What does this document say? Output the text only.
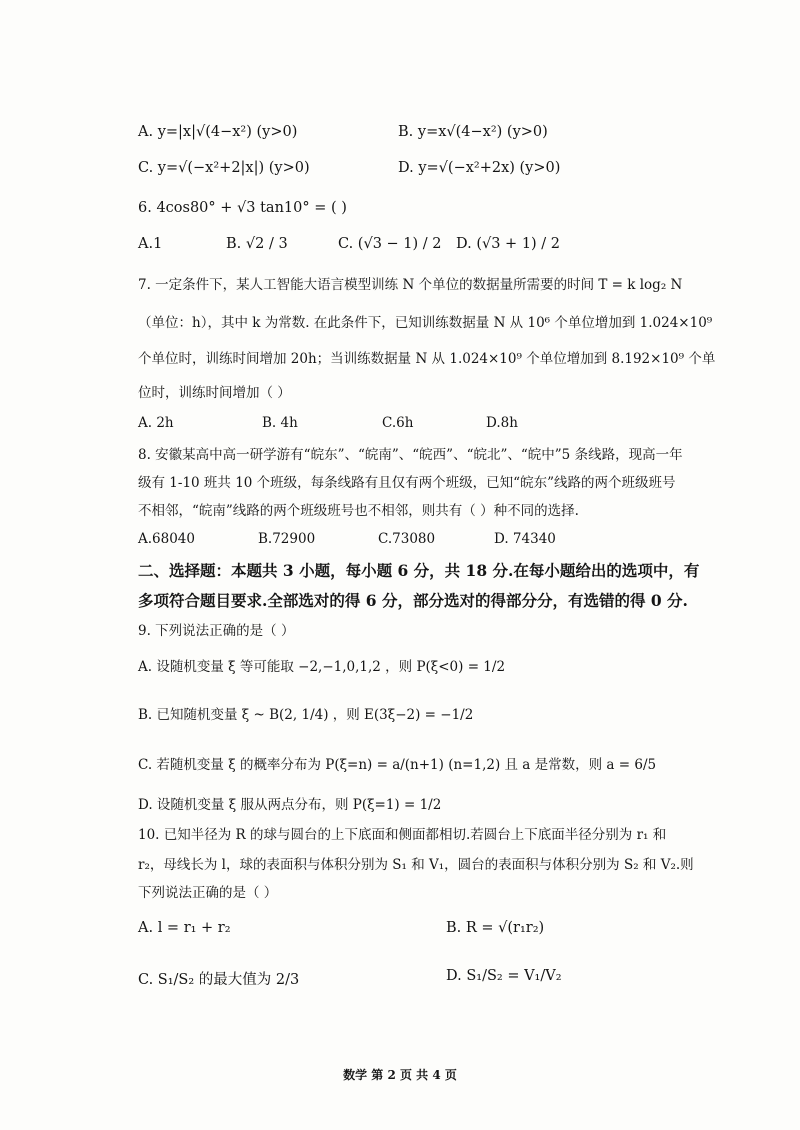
A. y=|x|√(4−x²) (y>0)	B. y=x√(4−x²) (y>0)
C. y=√(−x²+2|x|) (y>0)	D. y=√(−x²+2x) (y>0)
6. 4cos80° + √3 tan10° = ( )
A.1	B. √2 / 3	C. (√3 − 1) / 2 D. (√3 + 1) / 2
7. 一定条件下，某人工智能大语言模型训练 N 个单位的数据量所需要的时间 T = k log₂ N
（单位：h），其中 k 为常数. 在此条件下，已知训练数据量 N 从 10⁶ 个单位增加到 1.024×10⁹
个单位时，训练时间增加 20h；当训练数据量 N 从 1.024×10⁹ 个单位增加到 8.192×10⁹ 个单
位时，训练时间增加（ ）
A. 2h	B. 4h	C.6h	D.8h
8. 安徽某高中高一研学游有“皖东”、“皖南”、“皖西”、“皖北”、“皖中”5 条线路，现高一年
级有 1-10 班共 10 个班级，每条线路有且仅有两个班级，已知“皖东”线路的两个班级班号
不相邻，“皖南”线路的两个班级班号也不相邻，则共有（ ）种不同的选择.
A.68040	B.72900	C.73080	D. 74340
二、选择题：本题共 3 小题，每小题 6 分，共 18 分.在每小题给出的选项中，有
多项符合题目要求.全部选对的得 6 分，部分选对的得部分分，有选错的得 0 分.
9. 下列说法正确的是（ ）
A. 设随机变量 ξ 等可能取 −2,−1,0,1,2 ，则 P(ξ<0) = 1/2
B. 已知随机变量 ξ ~ B(2, 1/4) ，则 E(3ξ−2) = −1/2
C. 若随机变量 ξ 的概率分布为 P(ξ=n) = a/(n+1) (n=1,2) 且 a 是常数，则 a = 6/5
D. 设随机变量 ξ 服从两点分布，则 P(ξ=1) = 1/2
10. 已知半径为 R 的球与圆台的上下底面和侧面都相切.若圆台上下底面半径分别为 r₁ 和
r₂，母线长为 l，球的表面积与体积分别为 S₁ 和 V₁，圆台的表面积与体积分别为 S₂ 和 V₂.则
下列说法正确的是（ ）
A. l = r₁ + r₂	B. R = √(r₁r₂)
C. S₁/S₂ 的最大值为 2/3	D. S₁/S₂ = V₁/V₂
数学 第 2 页 共 4 页
